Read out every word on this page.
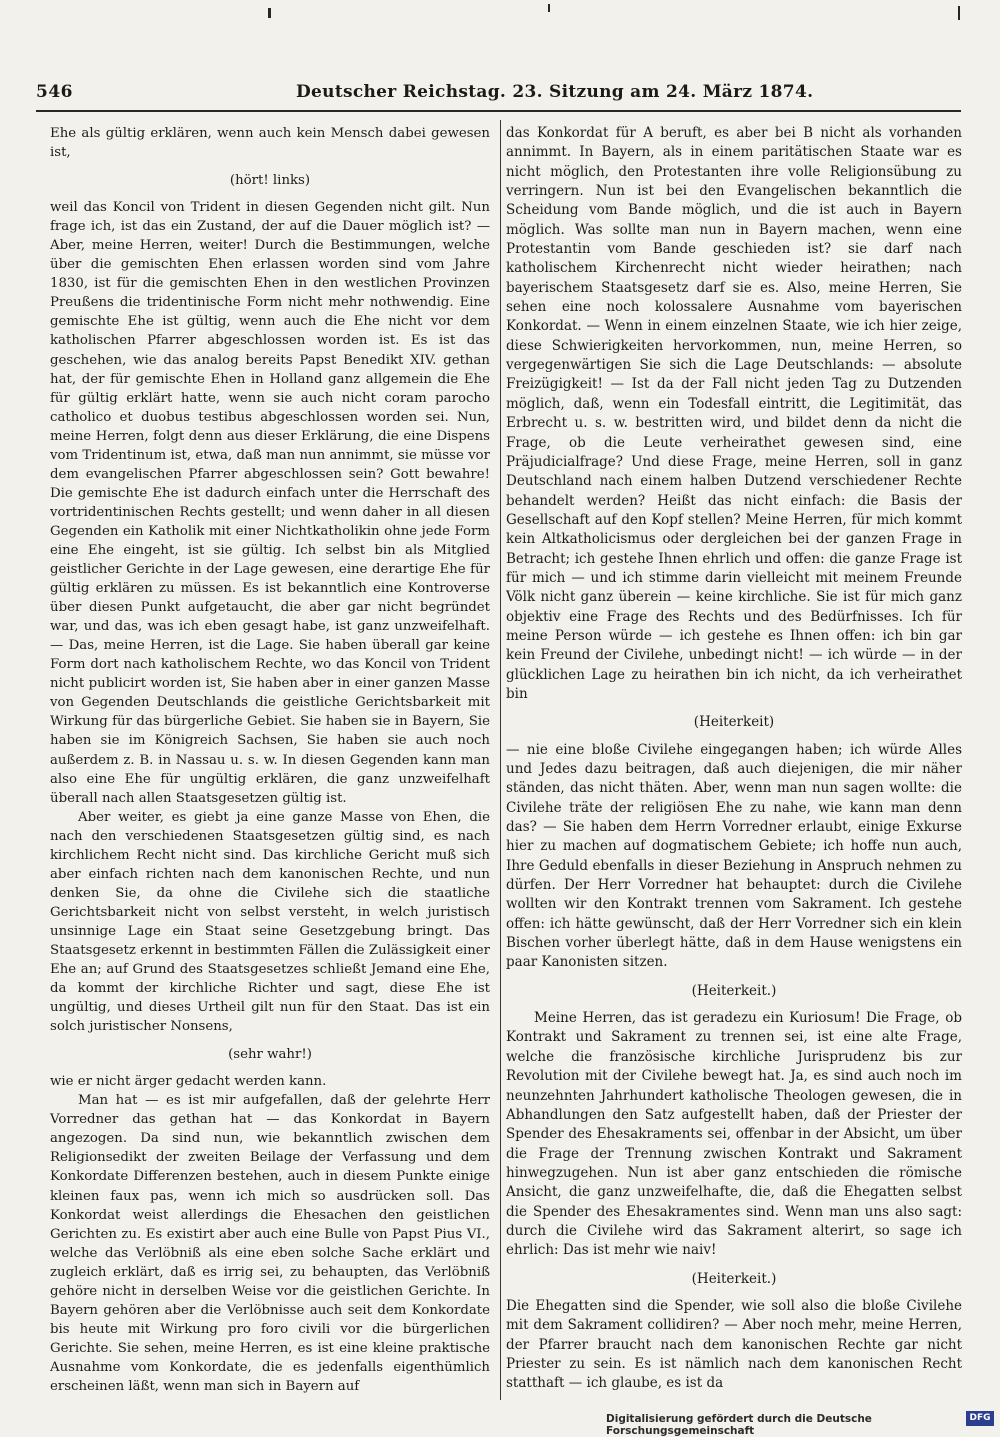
546	Deutscher Reichstag. 23. Sitzung am 24. März 1874.

Ehe als gültig erklären, wenn auch kein Mensch dabei gewesen ist,

(hört! links)

weil das Koncil von Trident in diesen Gegenden nicht gilt. Nun frage ich, ist das ein Zustand, der auf die Dauer möglich ist? — Aber, meine Herren, weiter! Durch die Bestimmungen, welche über die gemischten Ehen erlassen worden sind vom Jahre 1830, ist für die gemischten Ehen in den westlichen Provinzen Preußens die tridentinische Form nicht mehr nothwendig. Eine gemischte Ehe ist gültig, wenn auch die Ehe nicht vor dem katholischen Pfarrer abgeschlossen worden ist. Es ist das geschehen, wie das analog bereits Papst Benedikt XIV. gethan hat, der für gemischte Ehen in Holland ganz allgemein die Ehe für gültig erklärt hatte, wenn sie auch nicht coram parocho catholico et duobus testibus abgeschlossen worden sei. Nun, meine Herren, folgt denn aus dieser Erklärung, die eine Dispens vom Tridentinum ist, etwa, daß man nun annimmt, sie müsse vor dem evangelischen Pfarrer abgeschlossen sein? Gott bewahre! Die gemischte Ehe ist dadurch einfach unter die Herrschaft des vortridentinischen Rechts gestellt; und wenn daher in all diesen Gegenden ein Katholik mit einer Nichtkatholikin ohne jede Form eine Ehe eingeht, ist sie gültig. Ich selbst bin als Mitglied geistlicher Gerichte in der Lage gewesen, eine derartige Ehe für gültig erklären zu müssen. Es ist bekanntlich eine Kontroverse über diesen Punkt aufgetaucht, die aber gar nicht begründet war, und das, was ich eben gesagt habe, ist ganz unzweifelhaft. — Das, meine Herren, ist die Lage. Sie haben überall gar keine Form dort nach katholischem Rechte, wo das Koncil von Trident nicht publicirt worden ist, Sie haben aber in einer ganzen Masse von Gegenden Deutschlands die geistliche Gerichtsbarkeit mit Wirkung für das bürgerliche Gebiet. Sie haben sie in Bayern, Sie haben sie im Königreich Sachsen, Sie haben sie auch noch außerdem z. B. in Nassau u. s. w. In diesen Gegenden kann man also eine Ehe für ungültig erklären, die ganz unzweifelhaft überall nach allen Staatsgesetzen gültig ist.

Aber weiter, es giebt ja eine ganze Masse von Ehen, die nach den verschiedenen Staatsgesetzen gültig sind, es nach kirchlichem Recht nicht sind. Das kirchliche Gericht muß sich aber einfach richten nach dem kanonischen Rechte, und nun denken Sie, da ohne die Civilehe sich die staatliche Gerichtsbarkeit nicht von selbst versteht, in welch juristisch unsinnige Lage ein Staat seine Gesetzgebung bringt. Das Staatsgesetz erkennt in bestimmten Fällen die Zulässigkeit einer Ehe an; auf Grund des Staatsgesetzes schließt Jemand eine Ehe, da kommt der kirchliche Richter und sagt, diese Ehe ist ungültig, und dieses Urtheil gilt nun für den Staat. Das ist ein solch juristischer Nonsens,

(sehr wahr!)

wie er nicht ärger gedacht werden kann.

Man hat — es ist mir aufgefallen, daß der gelehrte Herr Vorredner das gethan hat — das Konkordat in Bayern angezogen. Da sind nun, wie bekanntlich zwischen dem Religionsedikt der zweiten Beilage der Verfassung und dem Konkordate Differenzen bestehen, auch in diesem Punkte einige kleinen faux pas, wenn ich mich so ausdrücken soll. Das Konkordat weist allerdings die Ehesachen den geistlichen Gerichten zu. Es existirt aber auch eine Bulle von Papst Pius VI., welche das Verlöbniß als eine eben solche Sache erklärt und zugleich erklärt, daß es irrig sei, zu behaupten, das Verlöbniß gehöre nicht in derselben Weise vor die geistlichen Gerichte. In Bayern gehören aber die Verlöbnisse auch seit dem Konkordate bis heute mit Wirkung pro foro civili vor die bürgerlichen Gerichte. Sie sehen, meine Herren, es ist eine kleine praktische Ausnahme vom Konkordate, die es jedenfalls eigenthümlich erscheinen läßt, wenn man sich in Bayern auf

das Konkordat für A beruft, es aber bei B nicht als vorhanden annimmt. In Bayern, als in einem paritätischen Staate war es nicht möglich, den Protestanten ihre volle Religionsübung zu verringern. Nun ist bei den Evangelischen bekanntlich die Scheidung vom Bande möglich, und die ist auch in Bayern möglich. Was sollte man nun in Bayern machen, wenn eine Protestantin vom Bande geschieden ist? sie darf nach katholischem Kirchenrecht nicht wieder heirathen; nach bayerischem Staatsgesetz darf sie es. Also, meine Herren, Sie sehen eine noch kolossalere Ausnahme vom bayerischen Konkordat. — Wenn in einem einzelnen Staate, wie ich hier zeige, diese Schwierigkeiten hervorkommen, nun, meine Herren, so vergegenwärtigen Sie sich die Lage Deutschlands: — absolute Freizügigkeit! — Ist da der Fall nicht jeden Tag zu Dutzenden möglich, daß, wenn ein Todesfall eintritt, die Legitimität, das Erbrecht u. s. w. bestritten wird, und bildet denn da nicht die Frage, ob die Leute verheirathet gewesen sind, eine Präjudicialfrage? Und diese Frage, meine Herren, soll in ganz Deutschland nach einem halben Dutzend verschiedener Rechte behandelt werden? Heißt das nicht einfach: die Basis der Gesellschaft auf den Kopf stellen? Meine Herren, für mich kommt kein Altkatholicismus oder dergleichen bei der ganzen Frage in Betracht; ich gestehe Ihnen ehrlich und offen: die ganze Frage ist für mich — und ich stimme darin vielleicht mit meinem Freunde Völk nicht ganz überein — keine kirchliche. Sie ist für mich ganz objektiv eine Frage des Rechts und des Bedürfnisses. Ich für meine Person würde — ich gestehe es Ihnen offen: ich bin gar kein Freund der Civilehe, unbedingt nicht! — ich würde — in der glücklichen Lage zu heirathen bin ich nicht, da ich verheirathet bin

(Heiterkeit)

— nie eine bloße Civilehe eingegangen haben; ich würde Alles und Jedes dazu beitragen, daß auch diejenigen, die mir näher ständen, das nicht thäten. Aber, wenn man nun sagen wollte: die Civilehe träte der religiösen Ehe zu nahe, wie kann man denn das? — Sie haben dem Herrn Vorredner erlaubt, einige Exkurse hier zu machen auf dogmatischem Gebiete; ich hoffe nun auch, Ihre Geduld ebenfalls in dieser Beziehung in Anspruch nehmen zu dürfen. Der Herr Vorredner hat behauptet: durch die Civilehe wollten wir den Kontrakt trennen vom Sakrament. Ich gestehe offen: ich hätte gewünscht, daß der Herr Vorredner sich ein klein Bischen vorher überlegt hätte, daß in dem Hause wenigstens ein paar Kanonisten sitzen.

(Heiterkeit.)

Meine Herren, das ist geradezu ein Kuriosum! Die Frage, ob Kontrakt und Sakrament zu trennen sei, ist eine alte Frage, welche die französische kirchliche Jurisprudenz bis zur Revolution mit der Civilehe bewegt hat. Ja, es sind auch noch im neunzehnten Jahrhundert katholische Theologen gewesen, die in Abhandlungen den Satz aufgestellt haben, daß der Priester der Spender des Ehesakraments sei, offenbar in der Absicht, um über die Frage der Trennung zwischen Kontrakt und Sakrament hinwegzugehen. Nun ist aber ganz entschieden die römische Ansicht, die ganz unzweifelhafte, die, daß die Ehegatten selbst die Spender des Ehesakramentes sind. Wenn man uns also sagt: durch die Civilehe wird das Sakrament alterirt, so sage ich ehrlich: Das ist mehr wie naiv!

(Heiterkeit.)

Die Ehegatten sind die Spender, wie soll also die bloße Civilehe mit dem Sakrament collidiren? — Aber noch mehr, meine Herren, der Pfarrer braucht nach dem kanonischen Rechte gar nicht Priester zu sein. Es ist nämlich nach dem kanonischen Recht statthaft — ich glaube, es ist da

Digitalisierung gefördert durch die Deutsche Forschungsgemeinschaft
DFG
